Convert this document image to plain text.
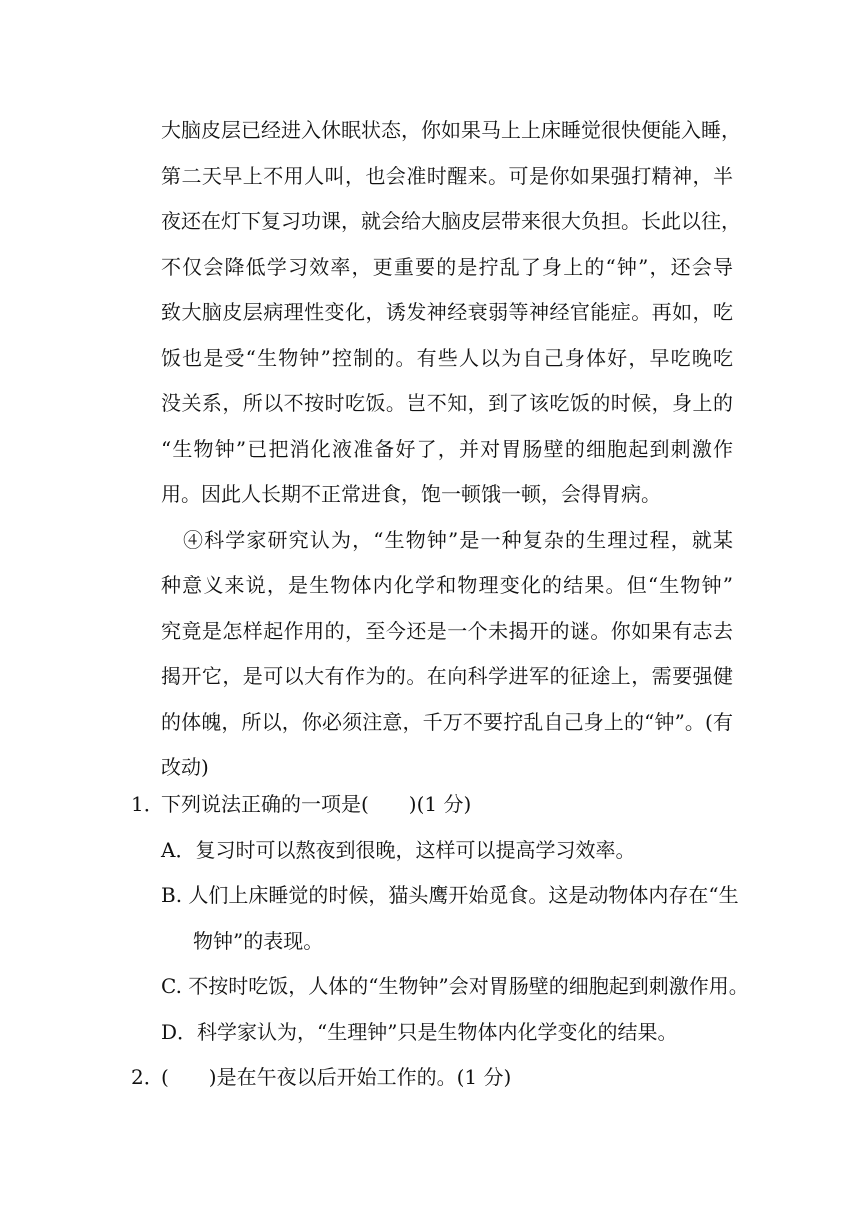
大脑皮层已经进入休眠状态，你如果马上上床睡觉很快便能入睡，
第二天早上不用人叫，也会准时醒来。可是你如果强打精神，半
夜还在灯下复习功课，就会给大脑皮层带来很大负担。长此以往，
不仅会降低学习效率，更重要的是拧乱了身上的“钟”，还会导
致大脑皮层病理性变化，诱发神经衰弱等神经官能症。再如，吃
饭也是受“生物钟”控制的。有些人以为自己身体好，早吃晚吃
没关系，所以不按时吃饭。岂不知，到了该吃饭的时候，身上的
“生物钟”已把消化液准备好了，并对胃肠壁的细胞起到刺激作
用。因此人长期不正常进食，饱一顿饿一顿，会得胃病。
④科学家研究认为，“生物钟”是一种复杂的生理过程，就某
种意义来说，是生物体内化学和物理变化的结果。但“生物钟”
究竟是怎样起作用的，至今还是一个未揭开的谜。你如果有志去
揭开它，是可以大有作为的。在向科学进军的征途上，需要强健
的体魄，所以，你必须注意，千万不要拧乱自己身上的“钟”。(有
改动)
1．下列说法正确的一项是(　　)(1 分)
A．复习时可以熬夜到很晚，这样可以提高学习效率。
B. 人们上床睡觉的时候，猫头鹰开始觅食。这是动物体内存在“生
物钟”的表现。
C. 不按时吃饭，人体的“生物钟”会对胃肠壁的细胞起到刺激作用。
D．科学家认为，“生理钟”只是生物体内化学变化的结果。
2．(　　)是在午夜以后开始工作的。(1 分)
